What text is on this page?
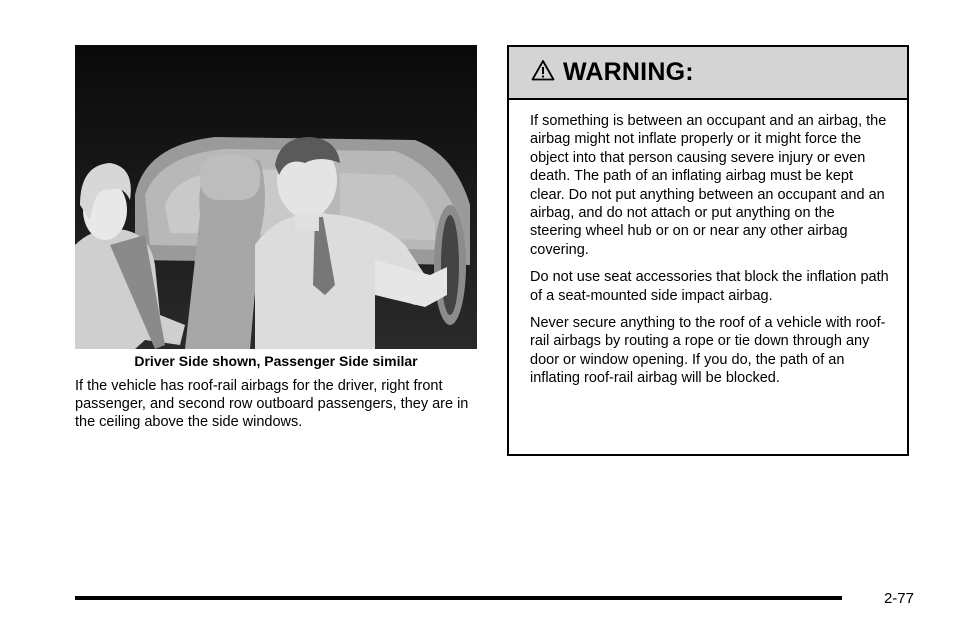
Driver Side shown, Passenger Side similar

If the vehicle has roof-rail airbags for the driver, right front passenger, and second row outboard passengers, they are in the ceiling above the side windows.

WARNING:

If something is between an occupant and an airbag, the airbag might not inflate properly or it might force the object into that person causing severe injury or even death. The path of an inflating airbag must be kept clear. Do not put anything between an occupant and an airbag, and do not attach or put anything on the steering wheel hub or on or near any other airbag covering.

Do not use seat accessories that block the inflation path of a seat-mounted side impact airbag.

Never secure anything to the roof of a vehicle with roof-rail airbags by routing a rope or tie down through any door or window opening. If you do, the path of an inflating roof-rail airbag will be blocked.

2-77
